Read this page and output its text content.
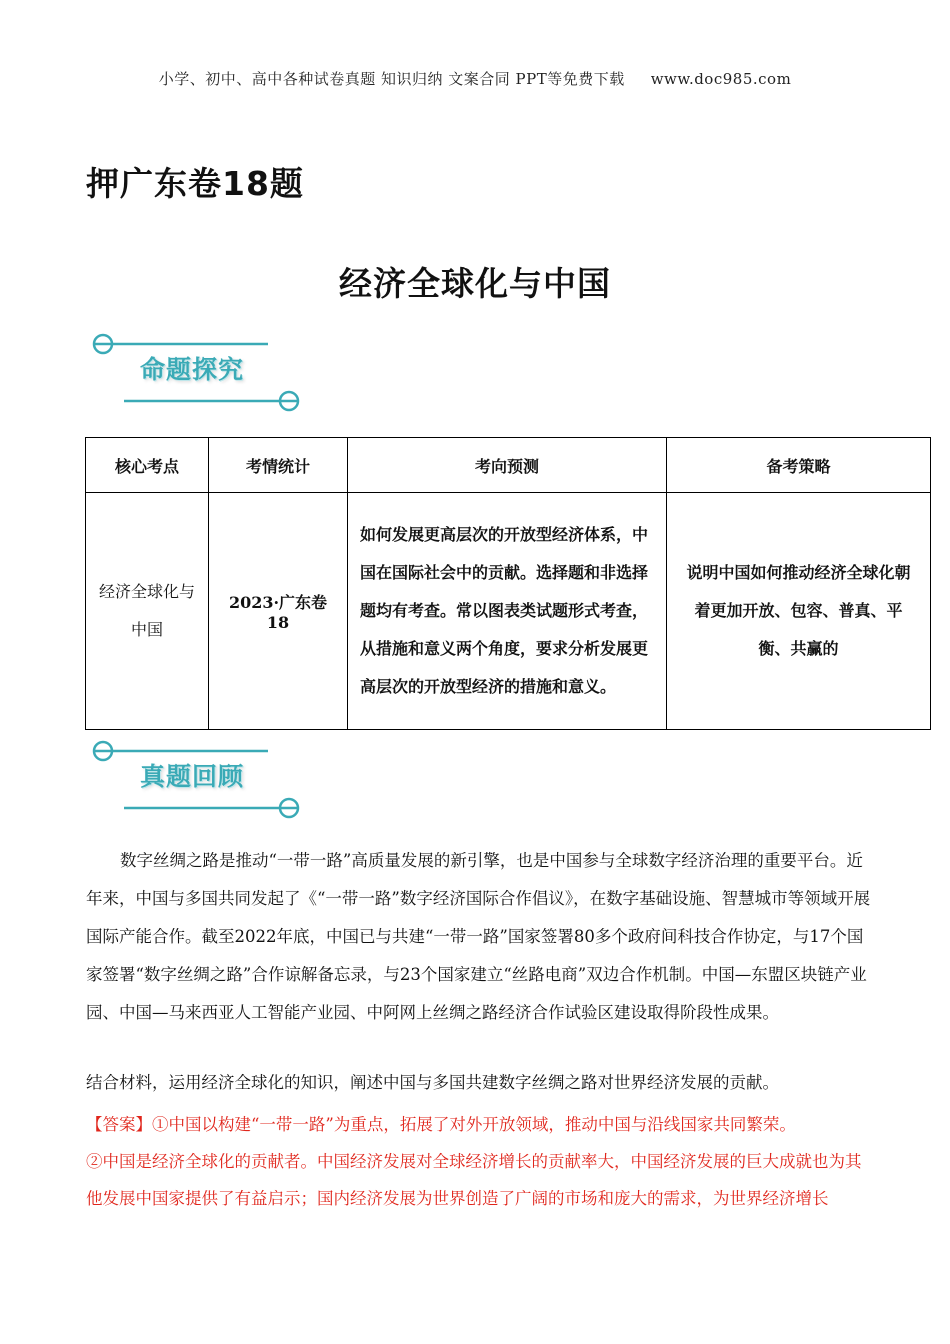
小学、初中、高中各种试卷真题 知识归纳 文案合同 PPT等免费下载 www.doc985.com
押广东卷18题
经济全球化与中国
命题探究
核心考点	考情统计	考向预测	备考策略
经济全球化与中国	2023·广东卷18	如何发展更高层次的开放型经济体系，中国在国际社会中的贡献。选择题和非选择题均有考查。常以图表类试题形式考查，从措施和意义两个角度，要求分析发展更高层次的开放型经济的措施和意义。	说明中国如何推动经济全球化朝着更加开放、包容、普真、平衡、共赢的
真题回顾
数字丝绸之路是推动“一带一路”高质量发展的新引擎，也是中国参与全球数字经济治理的重要平台。近年来，中国与多国共同发起了《“一带一路”数字经济国际合作倡议》，在数字基础设施、智慧城市等领域开展国际产能合作。截至2022年底，中国已与共建“一带一路”国家签署80多个政府间科技合作协定，与17个国家签署“数字丝绸之路”合作谅解备忘录，与23个国家建立“丝路电商”双边合作机制。中国—东盟区块链产业园、中国—马来西亚人工智能产业园、中阿网上丝绸之路经济合作试验区建设取得阶段性成果。
结合材料，运用经济全球化的知识，阐述中国与多国共建数字丝绸之路对世界经济发展的贡献。
【答案】①中国以构建“一带一路”为重点，拓展了对外开放领域，推动中国与沿线国家共同繁荣。
②中国是经济全球化的贡献者。中国经济发展对全球经济增长的贡献率大，中国经济发展的巨大成就也为其他发展中国家提供了有益启示；国内经济发展为世界创造了广阔的市场和庞大的需求，为世界经济增长
